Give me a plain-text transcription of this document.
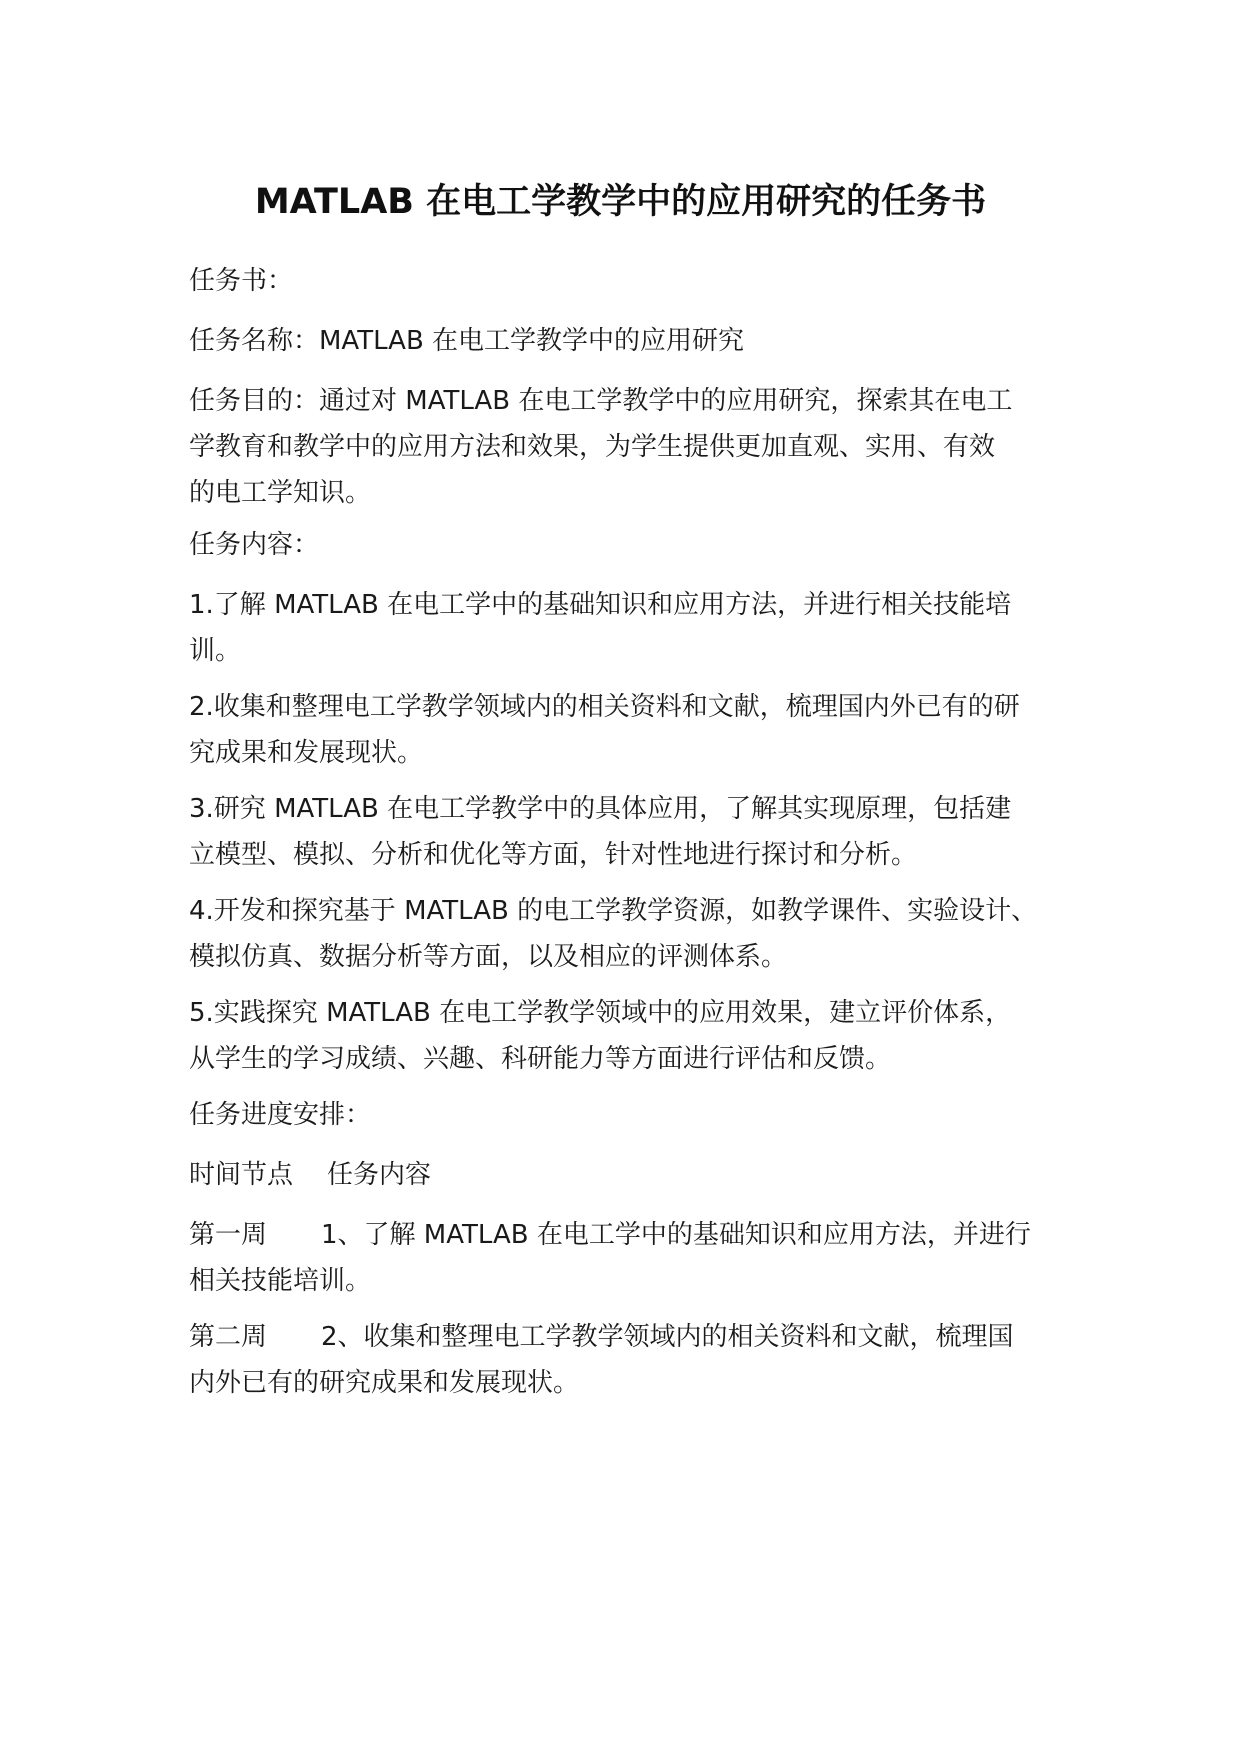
MATLAB 在电工学教学中的应用研究的任务书

任务书：

任务名称：MATLAB 在电工学教学中的应用研究

任务目的：通过对 MATLAB 在电工学教学中的应用研究，探索其在电工
学教育和教学中的应用方法和效果，为学生提供更加直观、实用、有效
的电工学知识。

任务内容：

1.了解 MATLAB 在电工学中的基础知识和应用方法，并进行相关技能培
训。

2.收集和整理电工学教学领域内的相关资料和文献，梳理国内外已有的研
究成果和发展现状。

3.研究 MATLAB 在电工学教学中的具体应用，了解其实现原理，包括建
立模型、模拟、分析和优化等方面，针对性地进行探讨和分析。

4.开发和探究基于 MATLAB 的电工学教学资源，如教学课件、实验设计、
模拟仿真、数据分析等方面，以及相应的评测体系。

5.实践探究 MATLAB 在电工学教学领域中的应用效果，建立评价体系，
从学生的学习成绩、兴趣、科研能力等方面进行评估和反馈。

任务进度安排：

时间节点 任务内容

第一周 1、了解 MATLAB 在电工学中的基础知识和应用方法，并进行
相关技能培训。

第二周 2、收集和整理电工学教学领域内的相关资料和文献，梳理国
内外已有的研究成果和发展现状。
